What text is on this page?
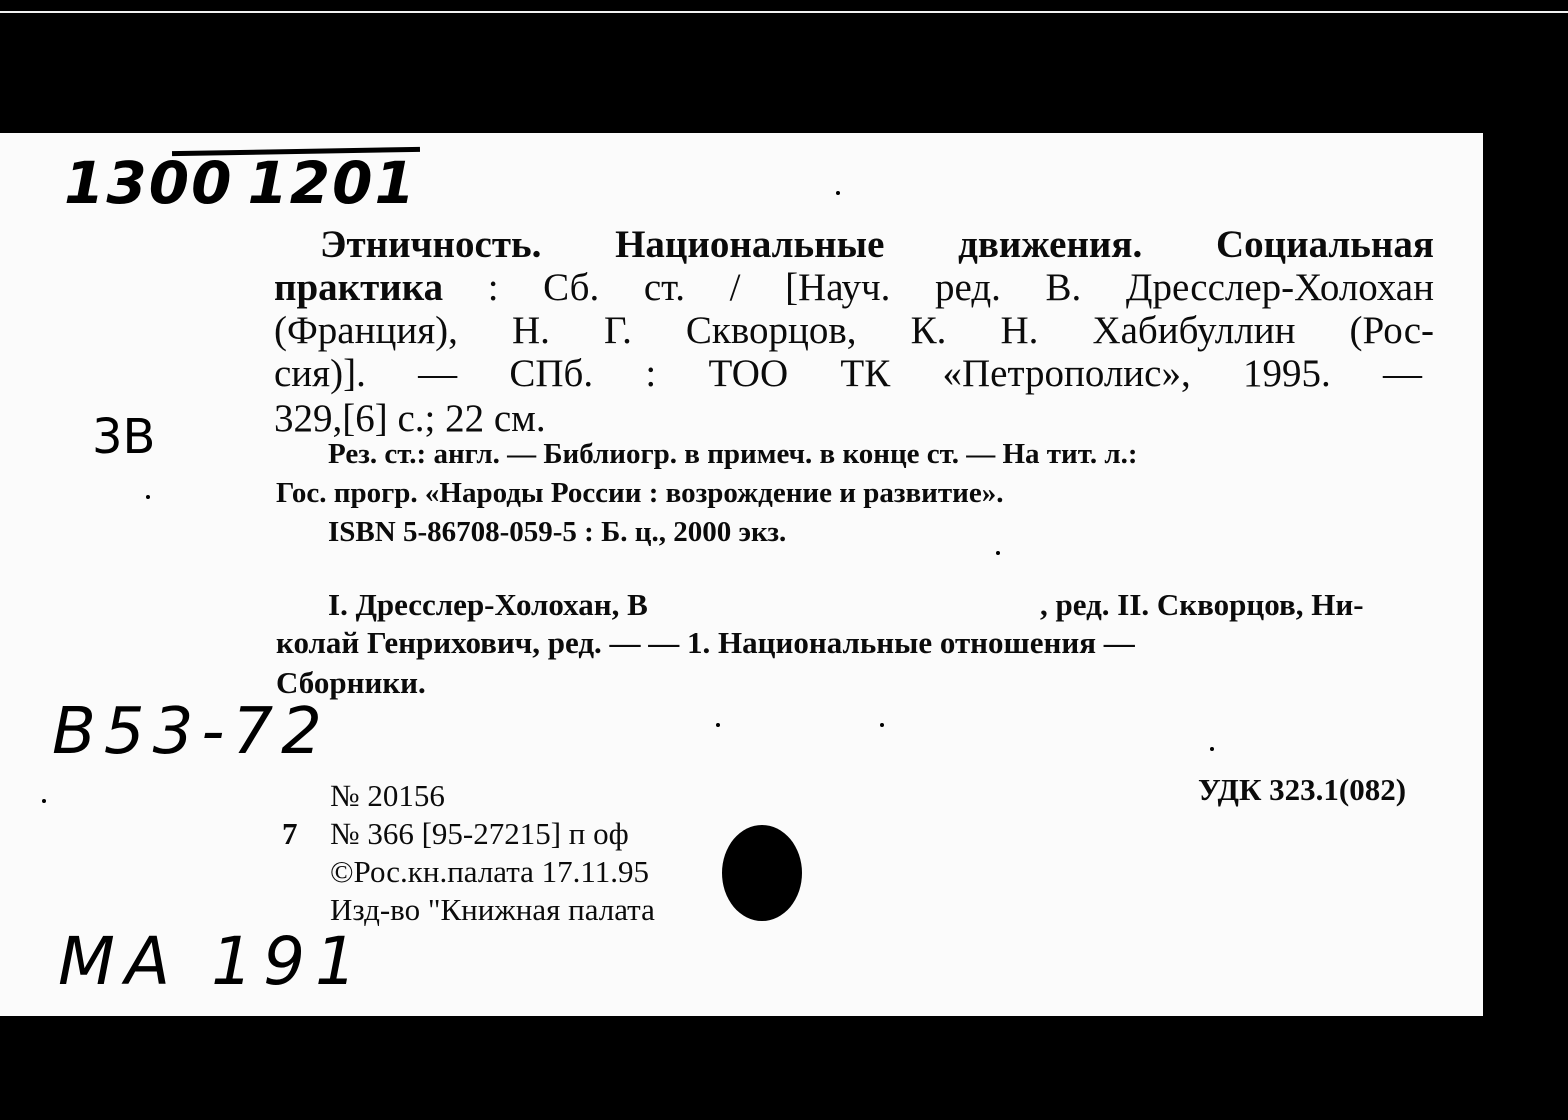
1300 1201
3B
B53-72
MA 191
Этничность. Национальные движения. Социальная
практика : Сб. ст. / [Науч. ред. В. Дресслер-Холохан
(Франция), Н. Г. Скворцов, К. Н. Хабибуллин (Рос-
сия)]. — СПб. : ТОО ТК «Петрополис», 1995. —
329,[6] с.; 22 см.
Рез. ст.: англ. — Библиогр. в примеч. в конце ст. — На тит. л.:
Гос. прогр. «Народы России : возрождение и развитие».
ISBN 5-86708-059-5 : Б. ц., 2000 экз.
I. Дресслер-Холохан, В	, ред. II. Скворцов, Ни-
колай Генрихович, ред. — — 1. Национальные отношения —
Сборники.
№ 20156	УДК 323.1(082)
7 № 366 [95-27215] п оф
©Рос.кн.палата 17.11.95
Изд-во "Книжная палата
